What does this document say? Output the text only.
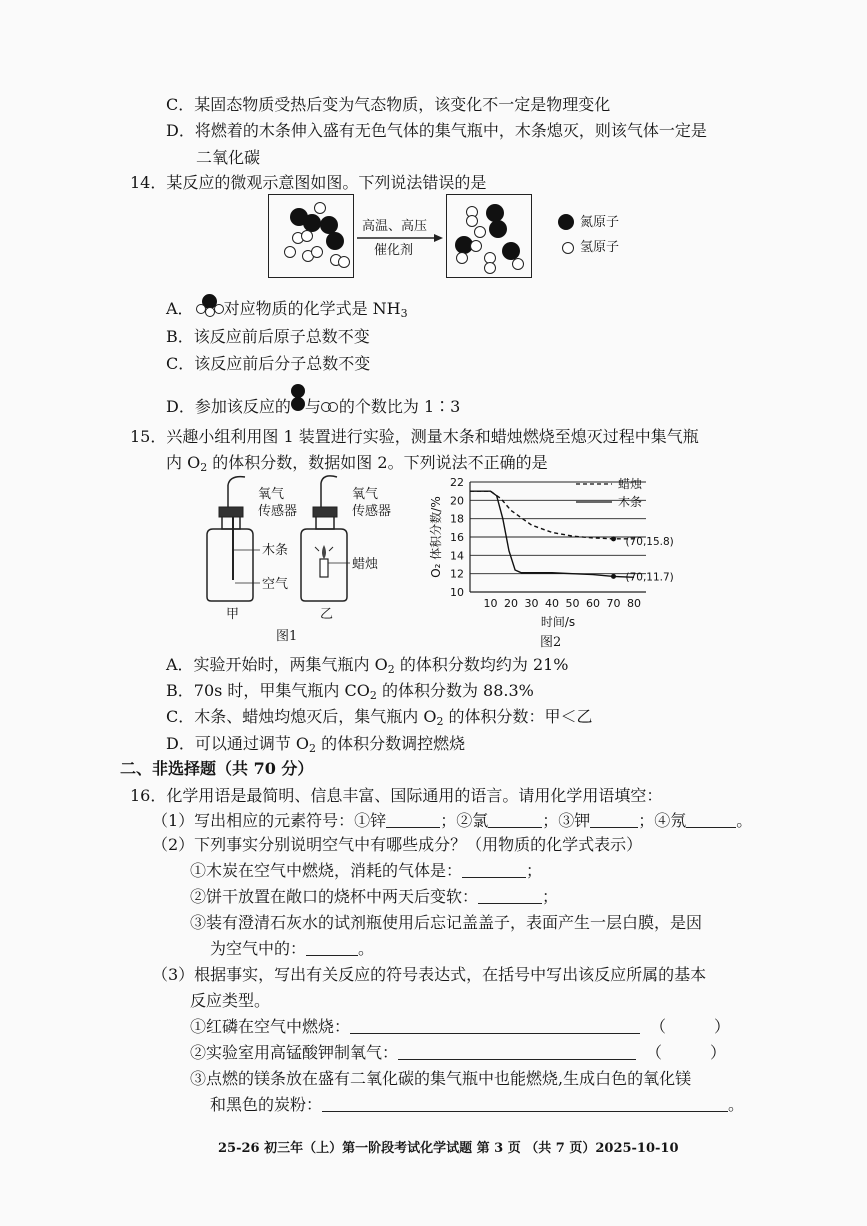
C．某固态物质受热后变为气态物质，该变化不一定是物理变化
D．将燃着的木条伸入盛有无色气体的集气瓶中，木条熄灭，则该气体一定是
二氧化碳
14．某反应的微观示意图如图。下列说法错误的是
高温、高压
催化剂
氮原子
氢原子
A． 对应物质的化学式是 $NH_3$
B．该反应前后原子总数不变
C．该反应前后分子总数不变
D．参加该反应的 与 的个数比为 1∶3
15．兴趣小组利用图 1 装置进行实验，测量木条和蜡烛燃烧至熄灭过程中集气瓶
内 $O_2$ 的体积分数，数据如图 2。下列说法不正确的是
氧气
传感器
氧气
传感器
木条
空气
蜡烛
甲	乙
图1
10
12
14
16
18
20
22
10 20 30 40 50 60 70 80
时间/s
O₂ 体积分数/%	(70,15.8)
蜡烛
(70,11.7)
木条
图2
A．实验开始时，两集气瓶内 $O_2$ 的体积分数均约为 21%
B．70s 时，甲集气瓶内 $CO_2$ 的体积分数为 88.3%
C．木条、蜡烛均熄灭后，集气瓶内 $O_2$ 的体积分数：甲＜乙
D．可以通过调节 $O_2$ 的体积分数调控燃烧
二、非选择题（共 70 分）
16．化学用语是最简明、信息丰富、国际通用的语言。请用化学用语填空：
（1）写出相应的元素符号：①锌	；②氯	；③钾	；④氖	。
（2）下列事实分别说明空气中有哪些成分？（用物质的化学式表示）
①木炭在空气中燃烧，消耗的气体是：	；
②饼干放置在敞口的烧杯中两天后变软：	；
③装有澄清石灰水的试剂瓶使用后忘记盖盖子，表面产生一层白膜，是因
为空气中的：	。
（3）根据事实，写出有关反应的符号表达式，在括号中写出该反应所属的基本
反应类型。
①红磷在空气中燃烧：	（	）
②实验室用高锰酸钾制氧气：	（	）
③点燃的镁条放在盛有二氧化碳的集气瓶中也能燃烧,生成白色的氧化镁
和黑色的炭粉：	。
25-26 初三年（上）第一阶段考试化学试题 第 3 页 （共 7 页）2025-10-10
